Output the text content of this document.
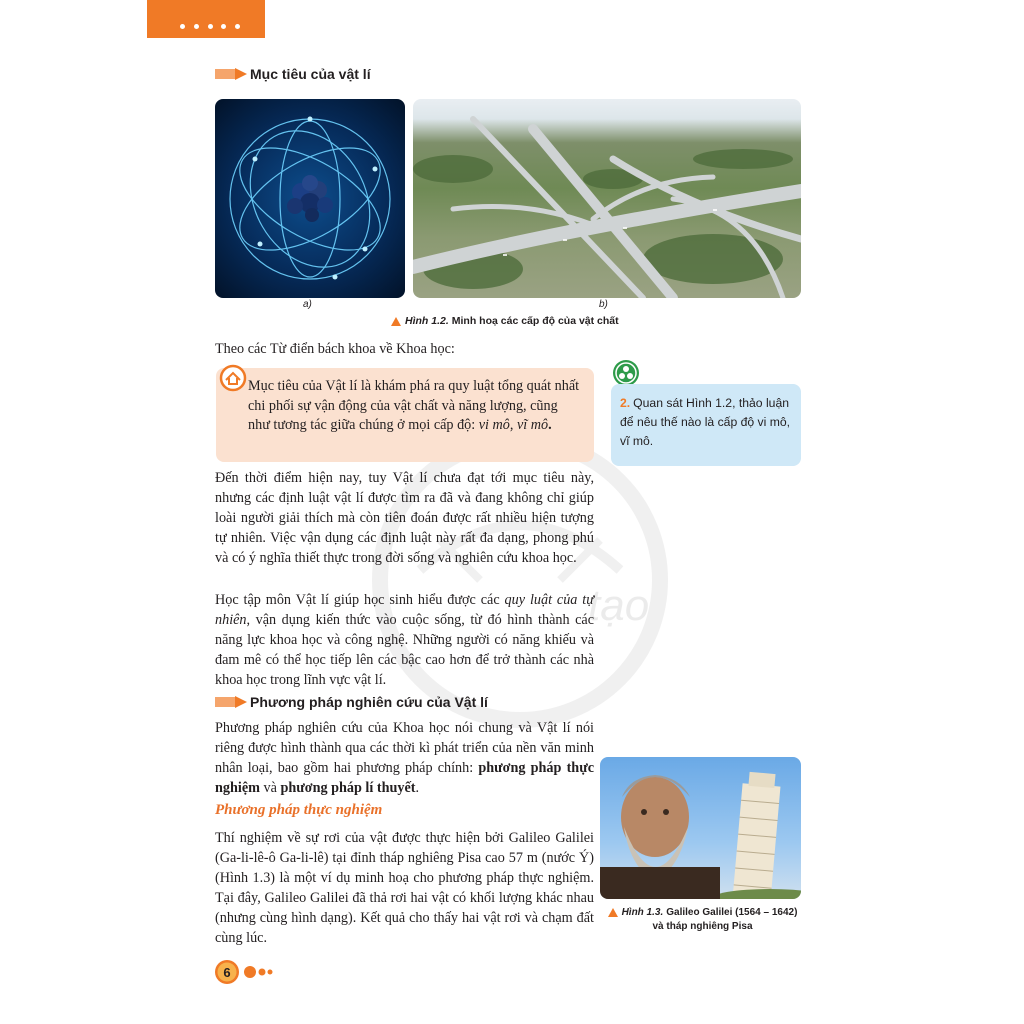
tạo
Mục tiêu của vật lí
a)	b)
Hình 1.2. Minh hoạ các cấp độ của vật chất
Theo các Từ điển bách khoa về Khoa học:
Mục tiêu của Vật lí là khám phá ra quy luật tổng quát nhất chi phối sự vận động của vật chất và năng lượng, cũng như tương tác giữa chúng ở mọi cấp độ: vi mô, vĩ mô.
2. Quan sát Hình 1.2, thảo luận để nêu thế nào là cấp độ vi mô, vĩ mô.

Đến thời điểm hiện nay, tuy Vật lí chưa đạt tới mục tiêu này, nhưng các định luật vật lí được tìm ra đã và đang không chỉ giúp loài người giải thích mà còn tiên đoán được rất nhiều hiện tượng tự nhiên. Việc vận dụng các định luật này rất đa dạng, phong phú và có ý nghĩa thiết thực trong đời sống và nghiên cứu khoa học.

Học tập môn Vật lí giúp học sinh hiểu được các quy luật của tự nhiên, vận dụng kiến thức vào cuộc sống, từ đó hình thành các năng lực khoa học và công nghệ. Những người có năng khiếu và đam mê có thể học tiếp lên các bậc cao hơn để trở thành các nhà khoa học trong lĩnh vực vật lí.

Phương pháp nghiên cứu của Vật lí

Phương pháp nghiên cứu của Khoa học nói chung và Vật lí nói riêng được hình thành qua các thời kì phát triển của nền văn minh nhân loại, bao gồm hai phương pháp chính: phương pháp thực nghiệm và phương pháp lí thuyết.

Phương pháp thực nghiệm

Thí nghiệm về sự rơi của vật được thực hiện bởi Galileo Galilei (Ga-li-lê-ô Ga-li-lê) tại đỉnh tháp nghiêng Pisa cao 57 m (nước Ý) (Hình 1.3) là một ví dụ minh hoạ cho phương pháp thực nghiệm. Tại đây, Galileo Galilei đã thả rơi hai vật có khối lượng khác nhau (nhưng cùng hình dạng). Kết quả cho thấy hai vật rơi và chạm đất cùng lúc.

Hình 1.3. Galileo Galilei (1564 – 1642)
và tháp nghiêng Pisa
6
